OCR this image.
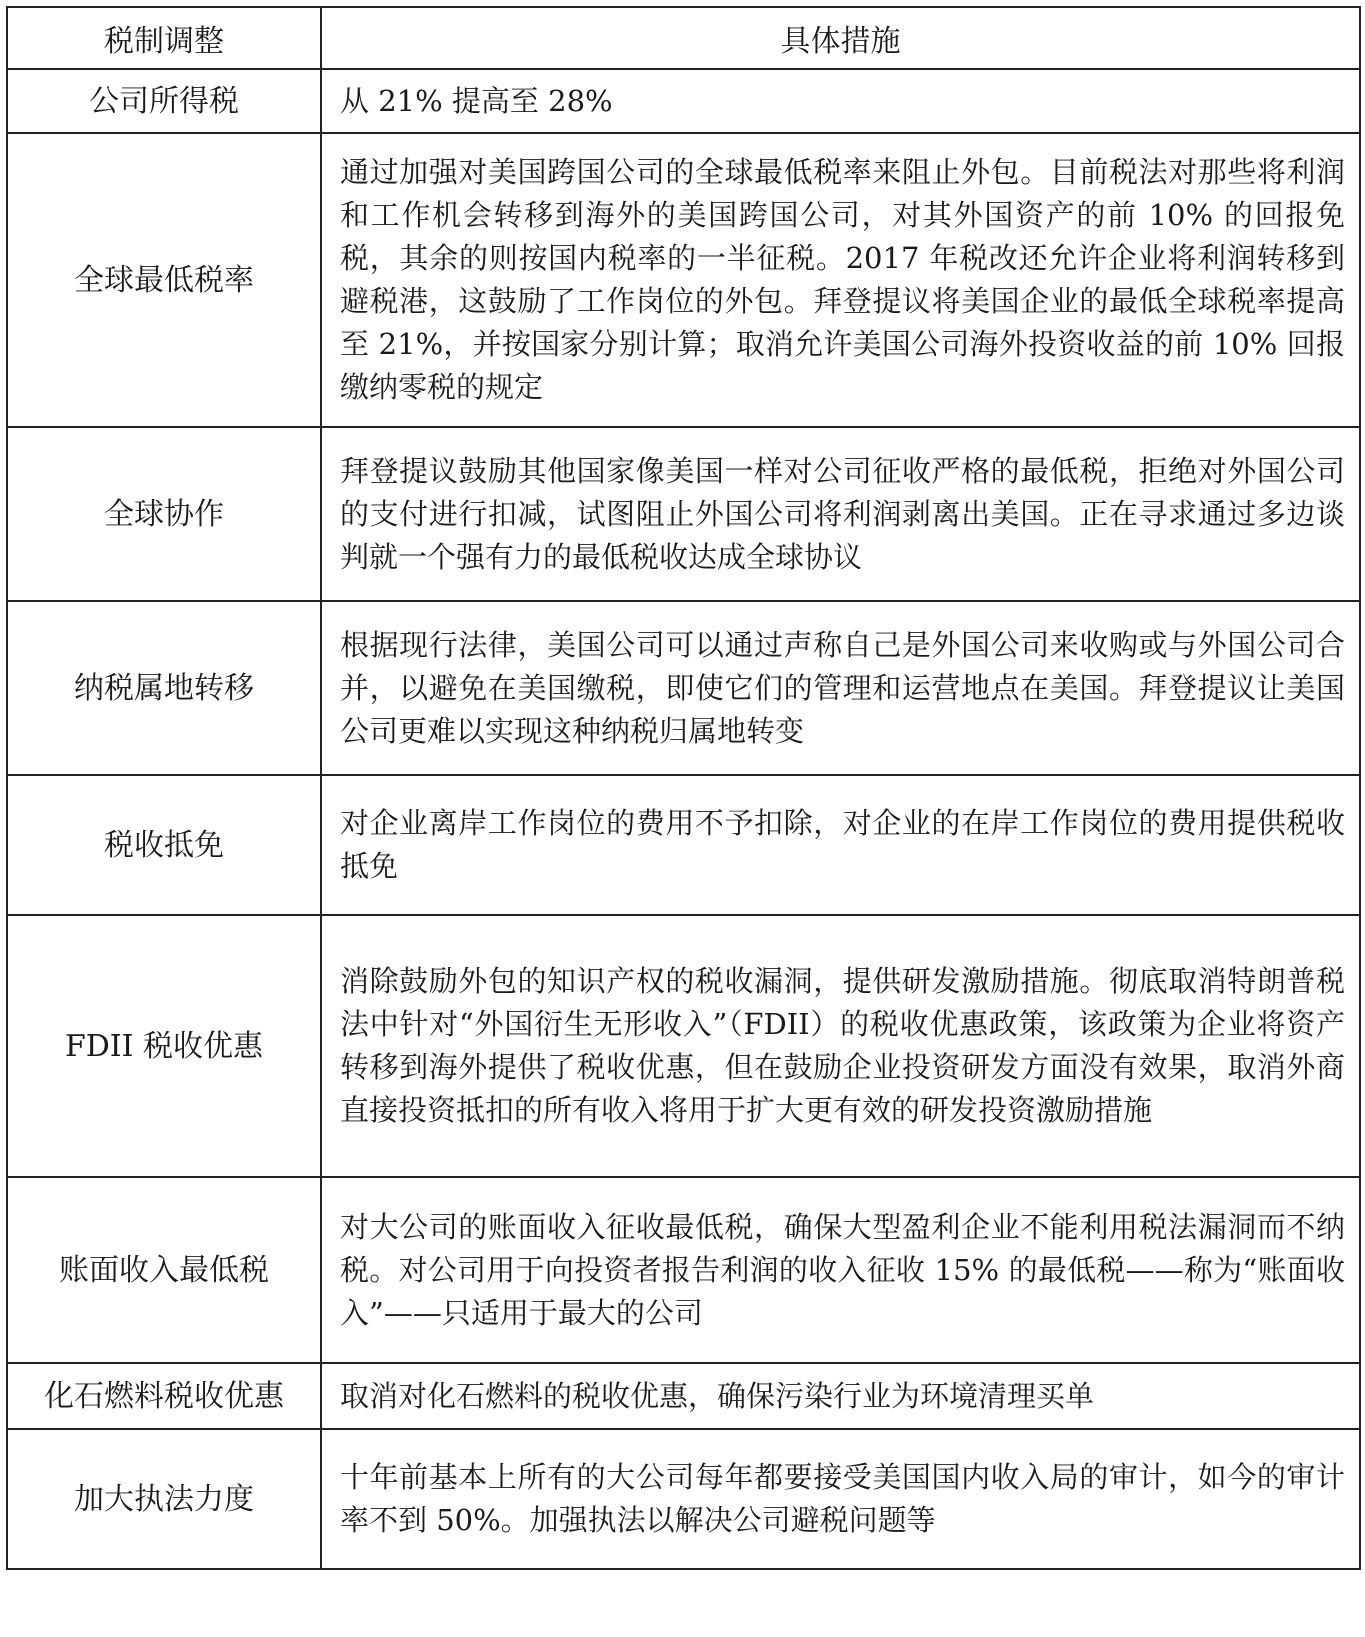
税制调整	具体措施
公司所得税	从 21% 提高至 28%
全球最低税率	通过加强对美国跨国公司的全球最低税率来阻止外包。目前税法对那些将利润和工作机会转移到海外的美国跨国公司，对其外国资产的前 10% 的回报免税，其余的则按国内税率的一半征税。2017 年税改还允许企业将利润转移到避税港，这鼓励了工作岗位的外包。拜登提议将美国企业的最低全球税率提高至 21%，并按国家分别计算；取消允许美国公司海外投资收益的前 10% 回报缴纳零税的规定
全球协作	拜登提议鼓励其他国家像美国一样对公司征收严格的最低税，拒绝对外国公司的支付进行扣减，试图阻止外国公司将利润剥离出美国。正在寻求通过多边谈判就一个强有力的最低税收达成全球协议
纳税属地转移	根据现行法律，美国公司可以通过声称自己是外国公司来收购或与外国公司合并，以避免在美国缴税，即使它们的管理和运营地点在美国。拜登提议让美国公司更难以实现这种纳税归属地转变
税收抵免	对企业离岸工作岗位的费用不予扣除，对企业的在岸工作岗位的费用提供税收抵免
FDII 税收优惠	消除鼓励外包的知识产权的税收漏洞，提供研发激励措施。彻底取消特朗普税法中针对“外国衍生无形收入”（FDII）的税收优惠政策，该政策为企业将资产转移到海外提供了税收优惠，但在鼓励企业投资研发方面没有效果，取消外商直接投资抵扣的所有收入将用于扩大更有效的研发投资激励措施
账面收入最低税	对大公司的账面收入征收最低税，确保大型盈利企业不能利用税法漏洞而不纳税。对公司用于向投资者报告利润的收入征收 15% 的最低税——称为“账面收入”——只适用于最大的公司
化石燃料税收优惠	取消对化石燃料的税收优惠，确保污染行业为环境清理买单
加大执法力度	十年前基本上所有的大公司每年都要接受美国国内收入局的审计，如今的审计率不到 50%。加强执法以解决公司避税问题等
